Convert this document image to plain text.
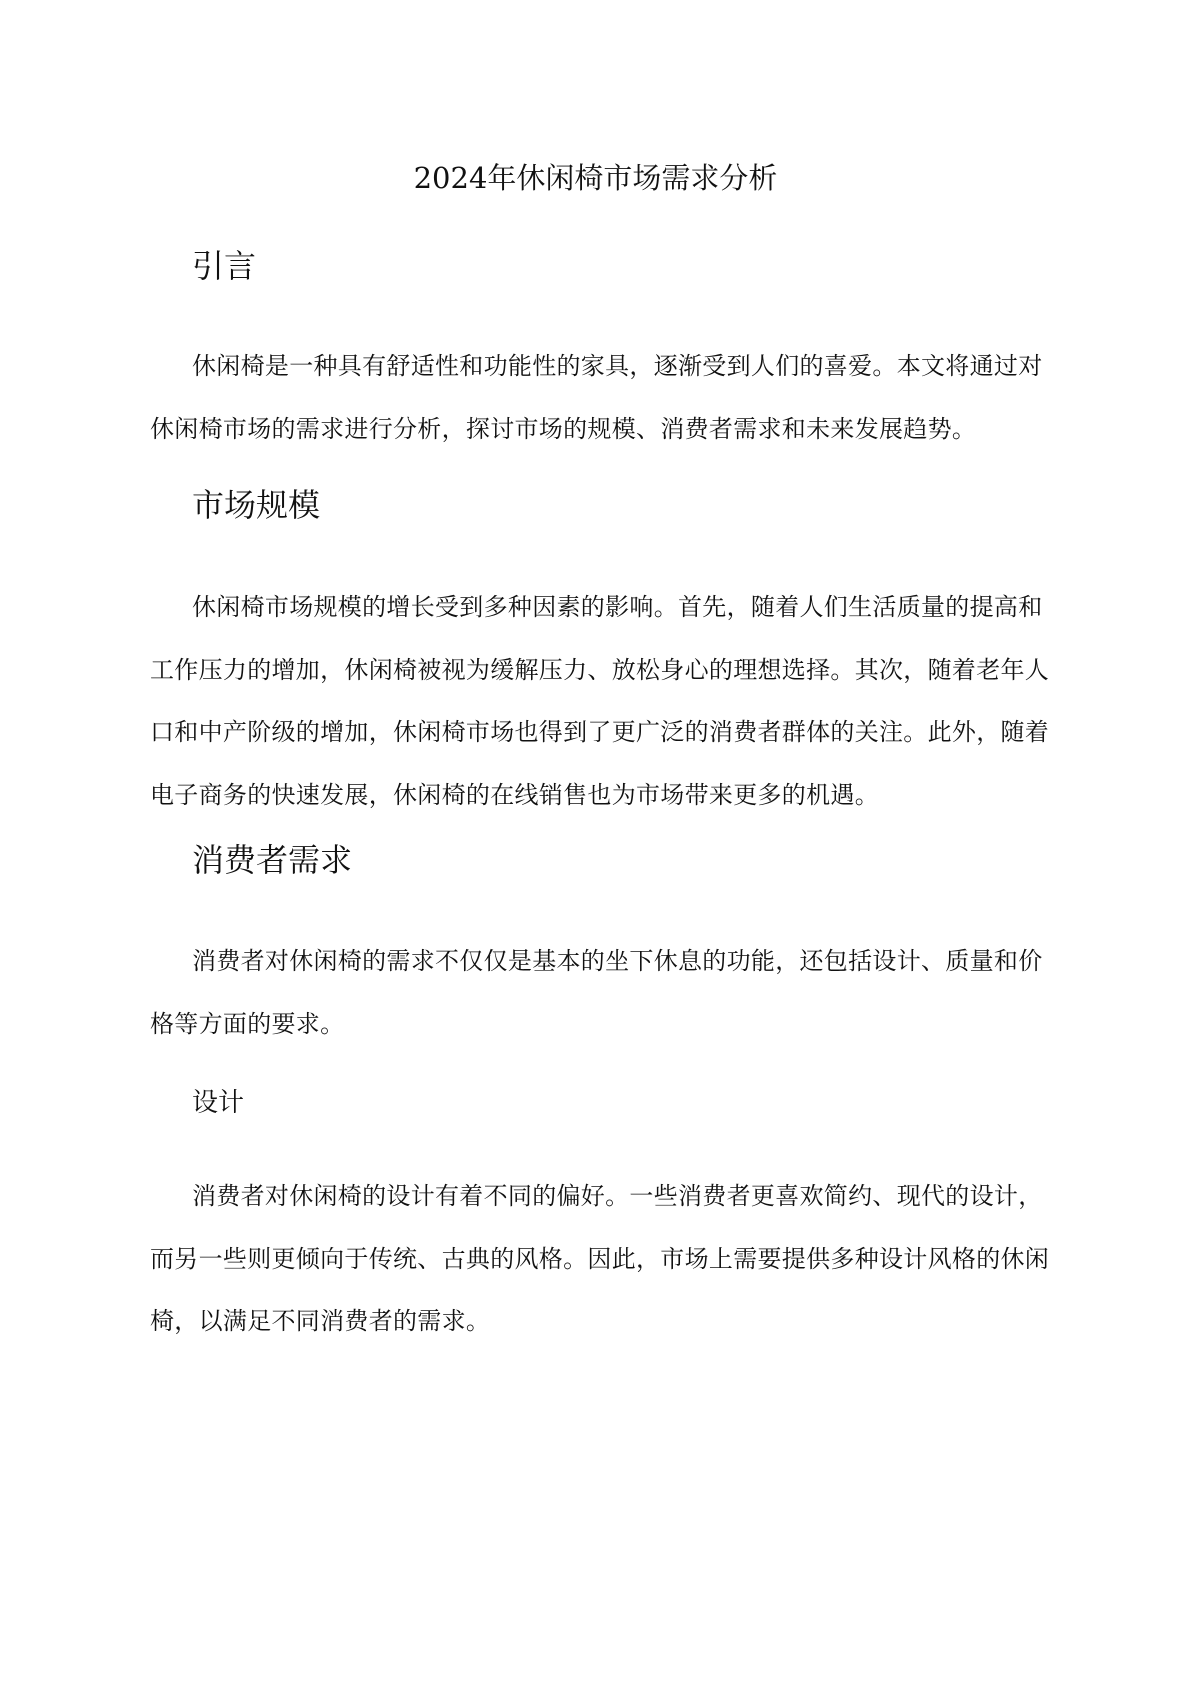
2024年休闲椅市场需求分析
引言

休闲椅是一种具有舒适性和功能性的家具，逐渐受到人们的喜爱。本文将通过对休闲椅市场的需求进行分析，探讨市场的规模、消费者需求和未来发展趋势。

市场规模

休闲椅市场规模的增长受到多种因素的影响。首先，随着人们生活质量的提高和工作压力的增加，休闲椅被视为缓解压力、放松身心的理想选择。其次，随着老年人口和中产阶级的增加，休闲椅市场也得到了更广泛的消费者群体的关注。此外，随着电子商务的快速发展，休闲椅的在线销售也为市场带来更多的机遇。

消费者需求

消费者对休闲椅的需求不仅仅是基本的坐下休息的功能，还包括设计、质量和价格等方面的要求。

设计

消费者对休闲椅的设计有着不同的偏好。一些消费者更喜欢简约、现代的设计，而另一些则更倾向于传统、古典的风格。因此，市场上需要提供多种设计风格的休闲椅，以满足不同消费者的需求。
